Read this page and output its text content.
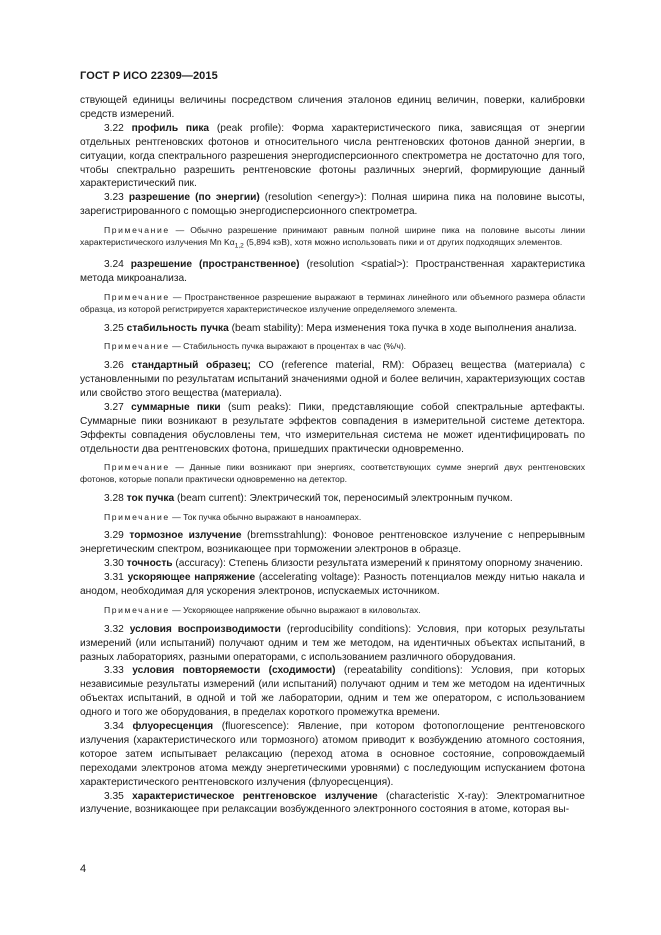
ГОСТ Р ИСО 22309—2015

ствующей единицы величины посредством сличения эталонов единиц величин, поверки, калибровки средств измерений.

3.22 профиль пика (peak profile): Форма характеристического пика, зависящая от энергии отдельных рентгеновских фотонов и относительного числа рентгеновских фотонов данной энергии, в ситуации, когда спектрального разрешения энергодисперсионного спектрометра не достаточно для того, чтобы спектрально разрешить рентгеновские фотоны различных энергий, формирующие данный характеристический пик.

3.23 разрешение (по энергии) (resolution <energy>): Полная ширина пика на половине высоты, зарегистрированного с помощью энергодисперсионного спектрометра.

Примечание — Обычно разрешение принимают равным полной ширине пика на половине высоты линии характеристического излучения Mn $K\alpha_{1,2}$ (5,894 кэВ), хотя можно использовать пики и от других подходящих элементов.

3.24 разрешение (пространственное) (resolution <spatial>): Пространственная характеристика метода микроанализа.

Примечание — Пространственное разрешение выражают в терминах линейного или объемного размера области образца, из которой регистрируется характеристическое излучение определяемого элемента.

3.25 стабильность пучка (beam stability): Мера изменения тока пучка в ходе выполнения анализа.

Примечание — Стабильность пучка выражают в процентах в час (%/ч).

3.26 стандартный образец; СО (reference material, RM): Образец вещества (материала) с установленными по результатам испытаний значениями одной и более величин, характеризующих состав или свойство этого вещества (материала).

3.27 суммарные пики (sum peaks): Пики, представляющие собой спектральные артефакты. Суммарные пики возникают в результате эффектов совпадения в измерительной системе детектора. Эффекты совпадения обусловлены тем, что измерительная система не может идентифицировать по отдельности два рентгеновских фотона, пришедших практически одновременно.

Примечание — Данные пики возникают при энергиях, соответствующих сумме энергий двух рентгеновских фотонов, которые попали практически одновременно на детектор.

3.28 ток пучка (beam current): Электрический ток, переносимый электронным пучком.

Примечание — Ток пучка обычно выражают в наноамперах.

3.29 тормозное излучение (bremsstrahlung): Фоновое рентгеновское излучение с непрерывным энергетическим спектром, возникающее при торможении электронов в образце.

3.30 точность (accuracy): Степень близости результата измерений к принятому опорному значению.

3.31 ускоряющее напряжение (accelerating voltage): Разность потенциалов между нитью накала и анодом, необходимая для ускорения электронов, испускаемых источником.

Примечание — Ускоряющее напряжение обычно выражают в киловольтах.

3.32 условия воспроизводимости (reproducibility conditions): Условия, при которых результаты измерений (или испытаний) получают одним и тем же методом, на идентичных объектах испытаний, в разных лабораториях, разными операторами, с использованием различного оборудования.

3.33 условия повторяемости (сходимости) (repeatability conditions): Условия, при которых независимые результаты измерений (или испытаний) получают одним и тем же методом на идентичных объектах испытаний, в одной и той же лаборатории, одним и тем же оператором, с использованием одного и того же оборудования, в пределах короткого промежутка времени.

3.34 флуоресценция (fluorescence): Явление, при котором фотопоглощение рентгеновского излучения (характеристического или тормозного) атомом приводит к возбуждению атомного состояния, которое затем испытывает релаксацию (переход атома в основное состояние, сопровождаемый переходами электронов атома между энергетическими уровнями) с последующим испусканием фотона характеристического рентгеновского излучения (флуоресценция).

3.35 характеристическое рентгеновское излучение (characteristic X-ray): Электромагнитное излучение, возникающее при релаксации возбужденного электронного состояния в атоме, которая вы-

4
